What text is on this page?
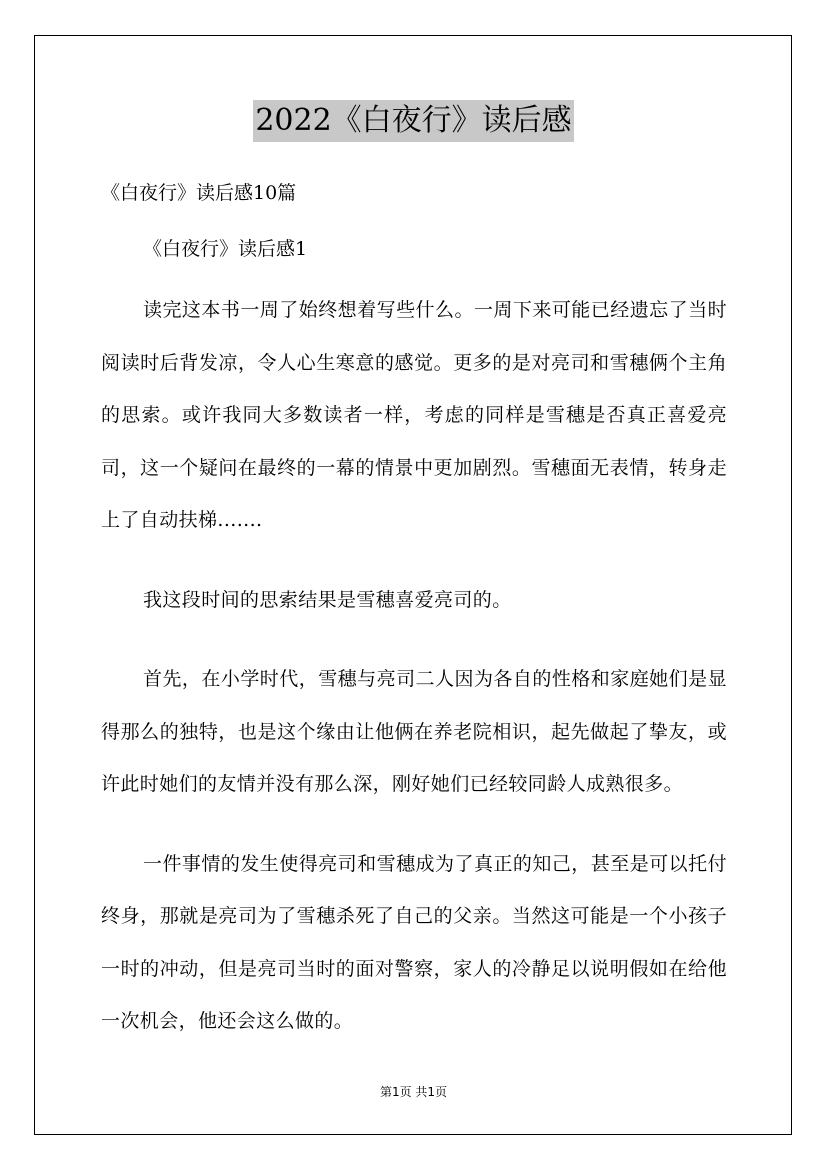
2022《白夜行》读后感
《白夜行》读后感10篇
《白夜行》读后感1

读完这本书一周了始终想着写些什么。一周下来可能已经遗忘了当时阅读时后背发凉，令人心生寒意的感觉。更多的是对亮司和雪穗俩个主角的思索。或许我同大多数读者一样，考虑的同样是雪穗是否真正喜爱亮司，这一个疑问在最终的一幕的情景中更加剧烈。雪穗面无表情，转身走上了自动扶梯.......

我这段时间的思索结果是雪穗喜爱亮司的。

首先，在小学时代，雪穗与亮司二人因为各自的性格和家庭她们是显得那么的独特，也是这个缘由让他俩在养老院相识，起先做起了挚友，或许此时她们的友情并没有那么深，刚好她们已经较同龄人成熟很多。

一件事情的发生使得亮司和雪穗成为了真正的知己，甚至是可以托付终身，那就是亮司为了雪穗杀死了自己的父亲。当然这可能是一个小孩子一时的冲动，但是亮司当时的面对警察，家人的冷静足以说明假如在给他一次机会，他还会这么做的。

第1页 共1页
